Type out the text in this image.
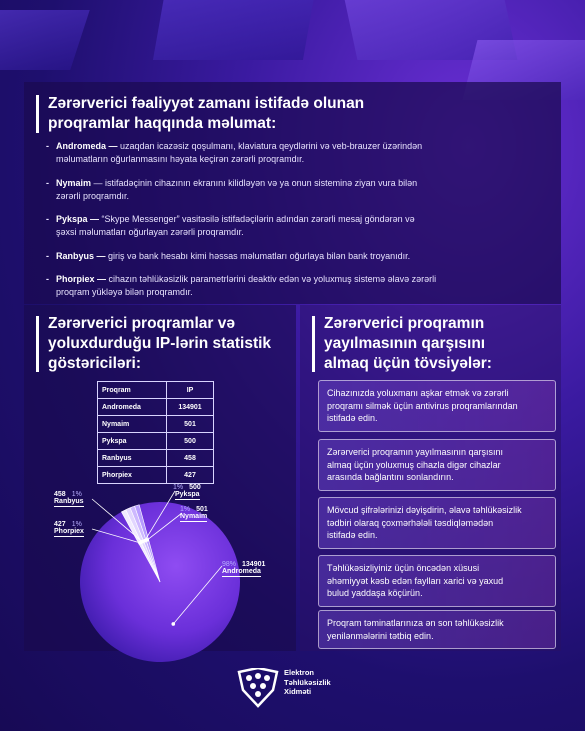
Zərərverici fəaliyyət zamanı istifadə olunan
proqramlar haqqında məlumat:
- Andromeda — uzaqdan icazəsiz qoşulmanı, klaviatura qeydlərini və veb-brauzer üzərindən
məlumatların oğurlanmasını həyata keçirən zərərli proqramdır.
- Nymaim — istifadəçinin cihazının ekranını kilidləyən və ya onun sisteminə ziyan vura bilən
zərərli proqramdır.
- Pykspa — “Skype Messenger” vasitəsilə istifadəçilərin adından zərərli mesaj göndərən və
şəxsi məlumatları oğurlayan zərərli proqramdır.
- Ranbyus — giriş və bank hesabı kimi həssas məlumatları oğurlaya bilən bank troyanıdır.
- Phorpiex — cihazın təhlükəsizlik parametrlərini deaktiv edən və yoluxmuş sistemə əlavə zərərli
proqram yükləyə bilən proqramdır.
Zərərverici proqramlar və
yoluxdurduğu IP-lərin statistik
göstəriciləri:
Proqram	IP
Andromeda	134901
Nymaim	501
Pykspa	500
Ranbyus	458
Phorpiex	427
458 1%
Ranbyus
427 1%
Phorpiex
1% 500
Pykspa
1% 501
Nymaim
98% 134901
Andromeda
Zərərverici proqramın
yayılmasının qarşısını
almaq üçün tövsiyələr:
Cihazınızda yoluxmanı aşkar etmək və zərərli
proqramı silmək üçün antivirus proqramlarından
istifadə edin.
Zərərverici proqramın yayılmasının qarşısını
almaq üçün yoluxmuş cihazla digər cihazlar
arasında bağlantını sonlandırın.
Mövcud şifrələrinizi dəyişdirin, əlavə təhlükəsizlik
tədbiri olaraq çoxmərhələli təsdiqləmədən
istifadə edin.
Təhlükəsizliyiniz üçün öncədən xüsusi
əhəmiyyət kəsb edən faylları xarici və yaxud
bulud yaddaşa köçürün.
Proqram təminatlarınıza ən son təhlükəsizlik
yenilənmələrini tətbiq edin.
Elektron
Təhlükəsizlik
Xidməti
